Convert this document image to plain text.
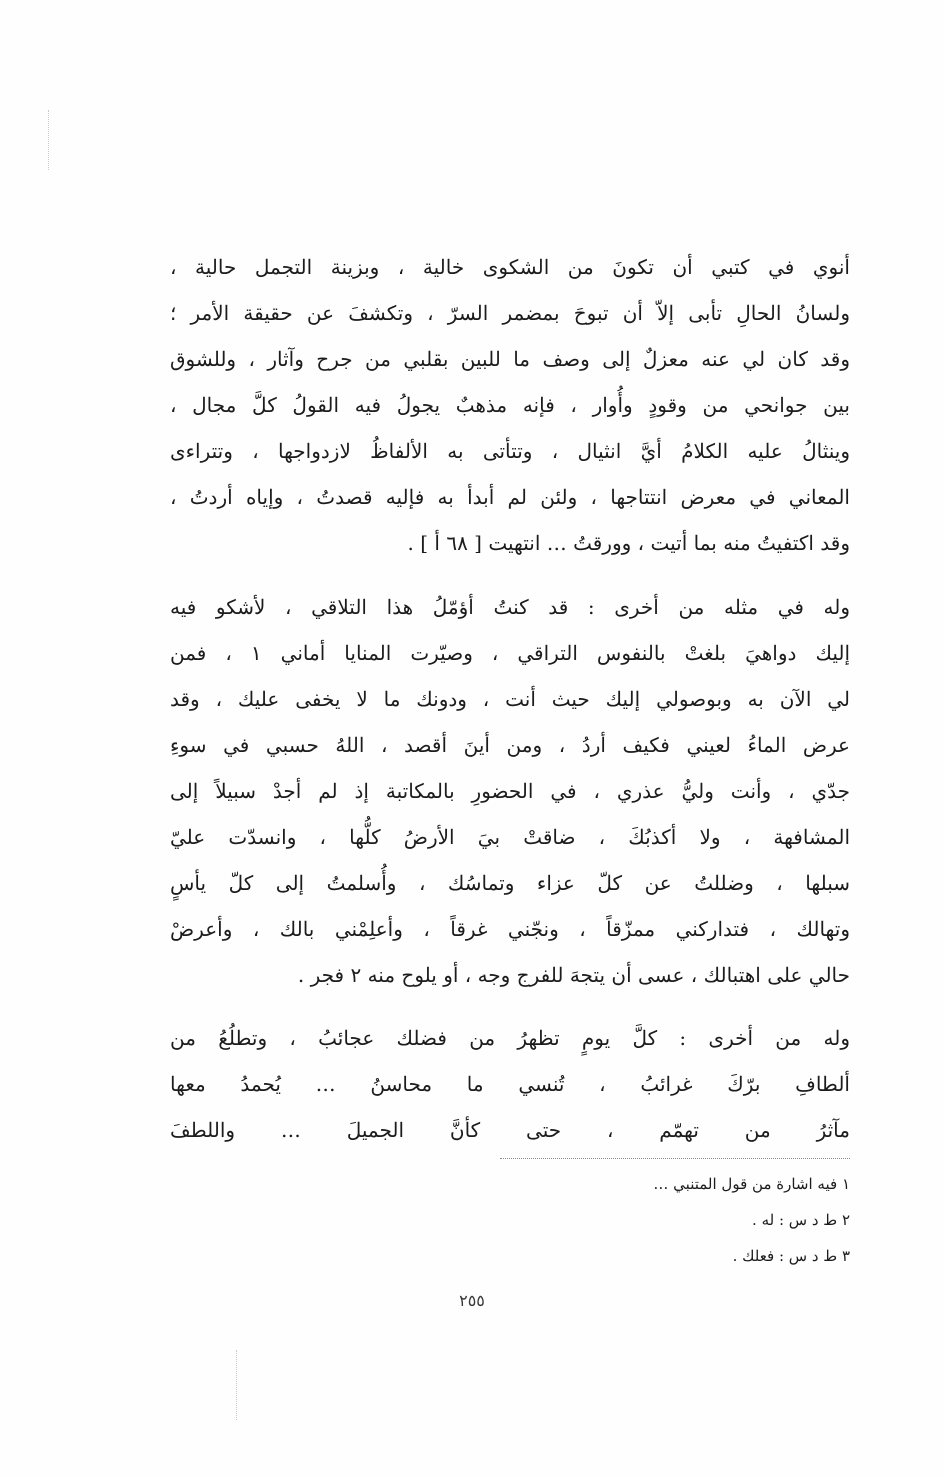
أنوي في كتبي أن تكونَ من الشكوى خالية ، وبزينة التجمل حالية ،
ولسانُ الحالِ تأبى إلاّ أن تبوحَ بمضمر السرّ ، وتكشفَ عن حقيقة الأمر ؛
وقد كان لي عنه معزلٌ إلى وصف ما للبين بقلبي من جرح وآثار ، وللشوق
بين جوانحي من وقودٍ وأُوار ، فإنه مذهبٌ يجولُ فيه القولُ كلَّ مجال ،
وينثالُ عليه الكلامُ أيَّ انثيال ، وتتأتى به الألفاظُ لازدواجها ، وتتراءى
المعاني في معرض انتتاجها ، ولئن لم أبدأ به فإليه قصدتُ ، وإياه أردتُ ،
وقد اكتفيتُ منه بما أتيت ، وورقتُ … انتهيت [ ٦٨ أ ] .
وله في مثله من أخرى : قد كنتُ أؤمّلُ هذا التلاقي ، لأشكو فيه
إليك دواهيَ بلغتْ بالنفوس التراقي ، وصيّرت المنايا أماني ١ ، فمن
لي الآن به وبوصولي إليك حيث أنت ، ودونك ما لا يخفى عليك ، وقد
عرض الماءُ لعيني فكيف أردُ ، ومن أينَ أقصد ، اللهُ حسبي في سوءِ
جدّي ، وأنت وليُّ عذري ، في الحضورِ بالمكاتبة إذ لم أجدْ سبيلاً إلى
المشافهة ، ولا أكذبُكَ ، ضاقتْ بيَ الأرضُ كلُّها ، وانسدّت عليّ
سبلها ، وضللتُ عن كلّ عزاء وتماسُك ، وأُسلمتُ إلى كلّ يأسٍ
وتهالك ، فتداركني ممزّقاً ، ونجّني غرقاً ، وأعلِمْني بالك ، وأعرضْ
حالي على اهتبالك ، عسى أن يتجهَ للفرج وجه ، أو يلوح منه ٢ فجر .
وله من أخرى : كلَّ يومٍ تظهرُ من فضلك عجائبُ ، وتطلُعُ من
ألطافِ برّكَ غرائبُ ، تُنسي ما محاسنُ … يُحمدُ معها
مآثرُ من تهمّم ، حتى كأنَّ الجميلَ … واللطفَ
١ فيه اشارة من قول المتنبي …
٢ ط د س : له .
٣ ط د س : فعلك .
٢٥٥
